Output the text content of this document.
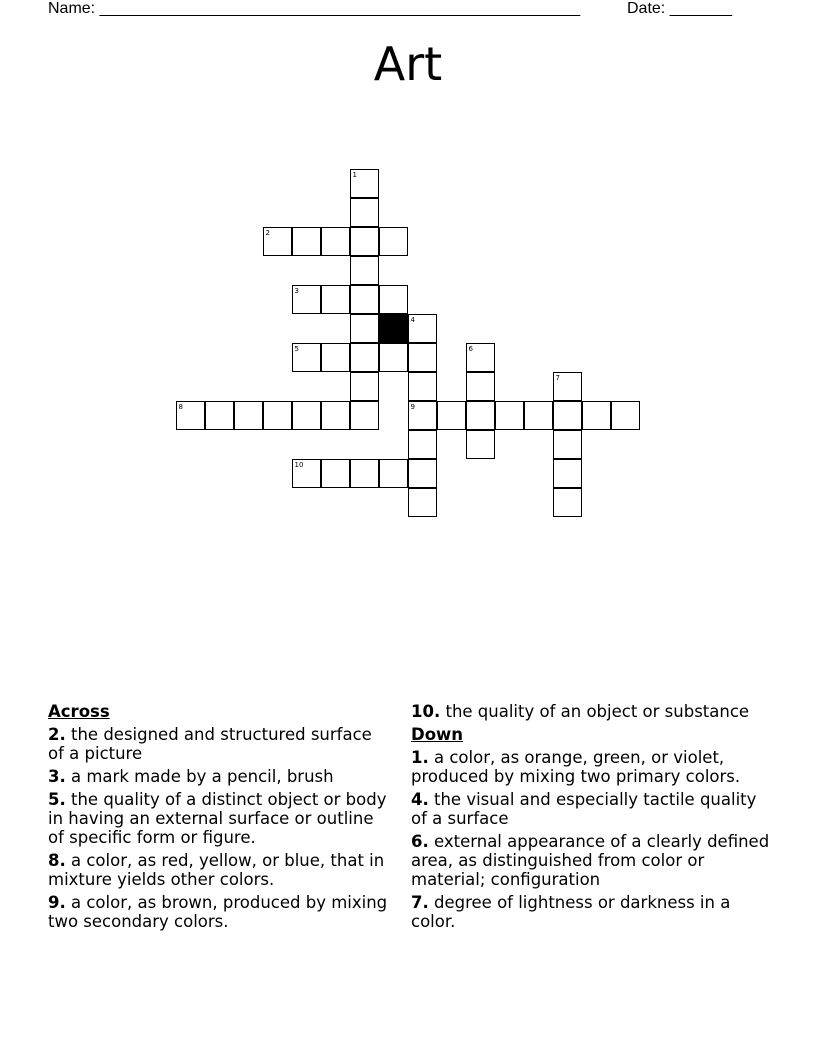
Name: ______________________________________________________	Date: _______
Art
1
2
3
4
5	6
7
8	9
10
Across
2. the designed and structured surface of a picture
3. a mark made by a pencil, brush
5. the quality of a distinct object or body in having an external surface or outline of specific form or figure.
8. a color, as red, yellow, or blue, that in mixture yields other colors.
9. a color, as brown, produced by mixing two secondary colors.
10. the quality of an object or substance
Down
1. a color, as orange, green, or violet, produced by mixing two primary colors.
4. the visual and especially tactile quality of a surface
6. external appearance of a clearly defined area, as distinguished from color or material; configuration
7. degree of lightness or darkness in a color.
